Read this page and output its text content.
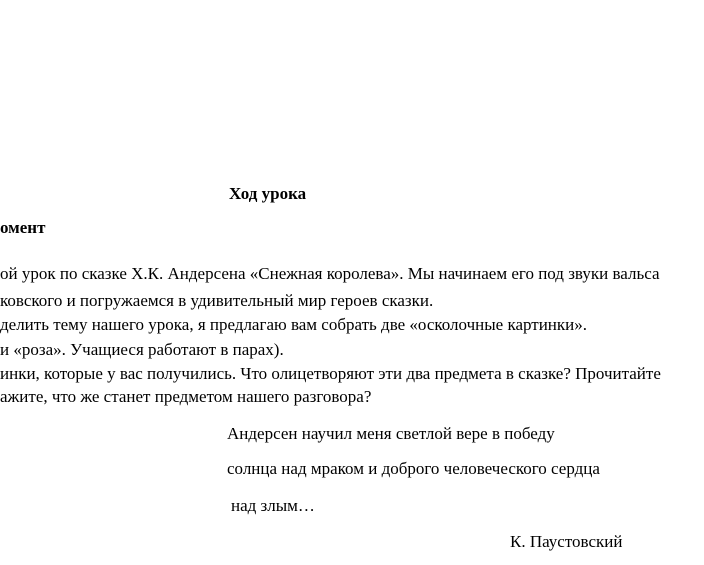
Ход урока
омент
ой урок по сказке Х.К. Андерсена «Снежная королева». Мы начинаем его под звуки вальса
ковского и погружаемся в удивительный мир героев сказки.
делить тему нашего урока, я предлагаю вам собрать две «осколочные картинки».
и «роза». Учащиеся работают в парах).
инки, которые у вас получились. Что олицетворяют эти два предмета в сказке? Прочитайте
ажите, что же станет предметом нашего разговора?
Андерсен научил меня светлой вере в победу
солнца над мраком и доброго человеческого сердца
над злым…
К. Паустовский
